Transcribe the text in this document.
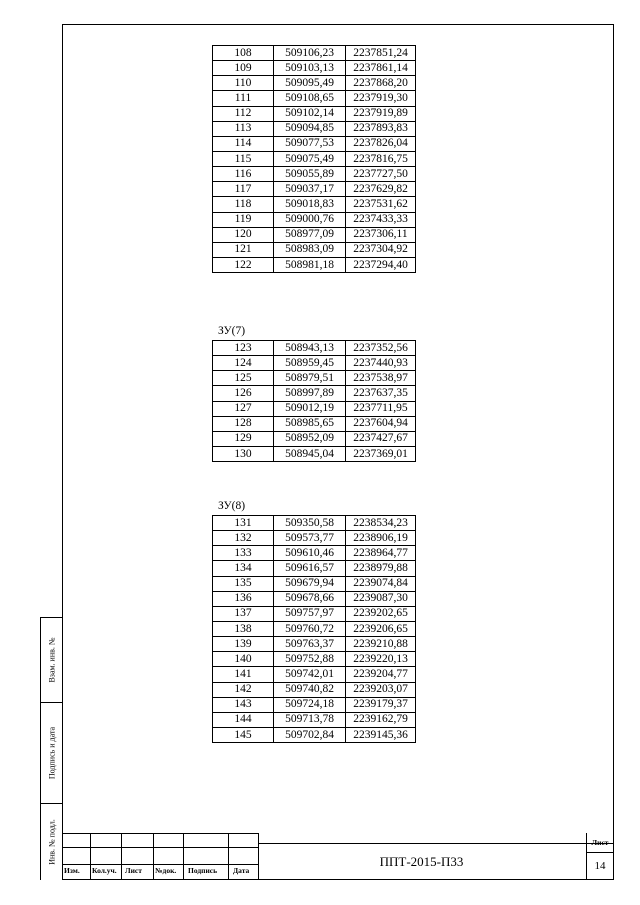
Взам. инв. №
Подпись и дата
Инв. № подл.
108	509106,23	2237851,24
109	509103,13	2237861,14
110	509095,49	2237868,20
111	509108,65	2237919,30
112	509102,14	2237919,89
113	509094,85	2237893,83
114	509077,53	2237826,04
115	509075,49	2237816,75
116	509055,89	2237727,50
117	509037,17	2237629,82
118	509018,83	2237531,62
119	509000,76	2237433,33
120	508977,09	2237306,11
121	508983,09	2237304,92
122	508981,18	2237294,40
ЗУ(7)
123	508943,13	2237352,56
124	508959,45	2237440,93
125	508979,51	2237538,97
126	508997,89	2237637,35
127	509012,19	2237711,95
128	508985,65	2237604,94
129	508952,09	2237427,67
130	508945,04	2237369,01
ЗУ(8)
131	509350,58	2238534,23
132	509573,77	2238906,19
133	509610,46	2238964,77
134	509616,57	2238979,88
135	509679,94	2239074,84
136	509678,66	2239087,30
137	509757,97	2239202,65
138	509760,72	2239206,65
139	509763,37	2239210,88
140	509752,88	2239220,13
141	509742,01	2239204,77
142	509740,82	2239203,07
143	509724,18	2239179,37
144	509713,78	2239162,79
145	509702,84	2239145,36
Изм. Кол.уч. Лист №док. Подпись Дата
ППТ-2015-П33
Лист
14
